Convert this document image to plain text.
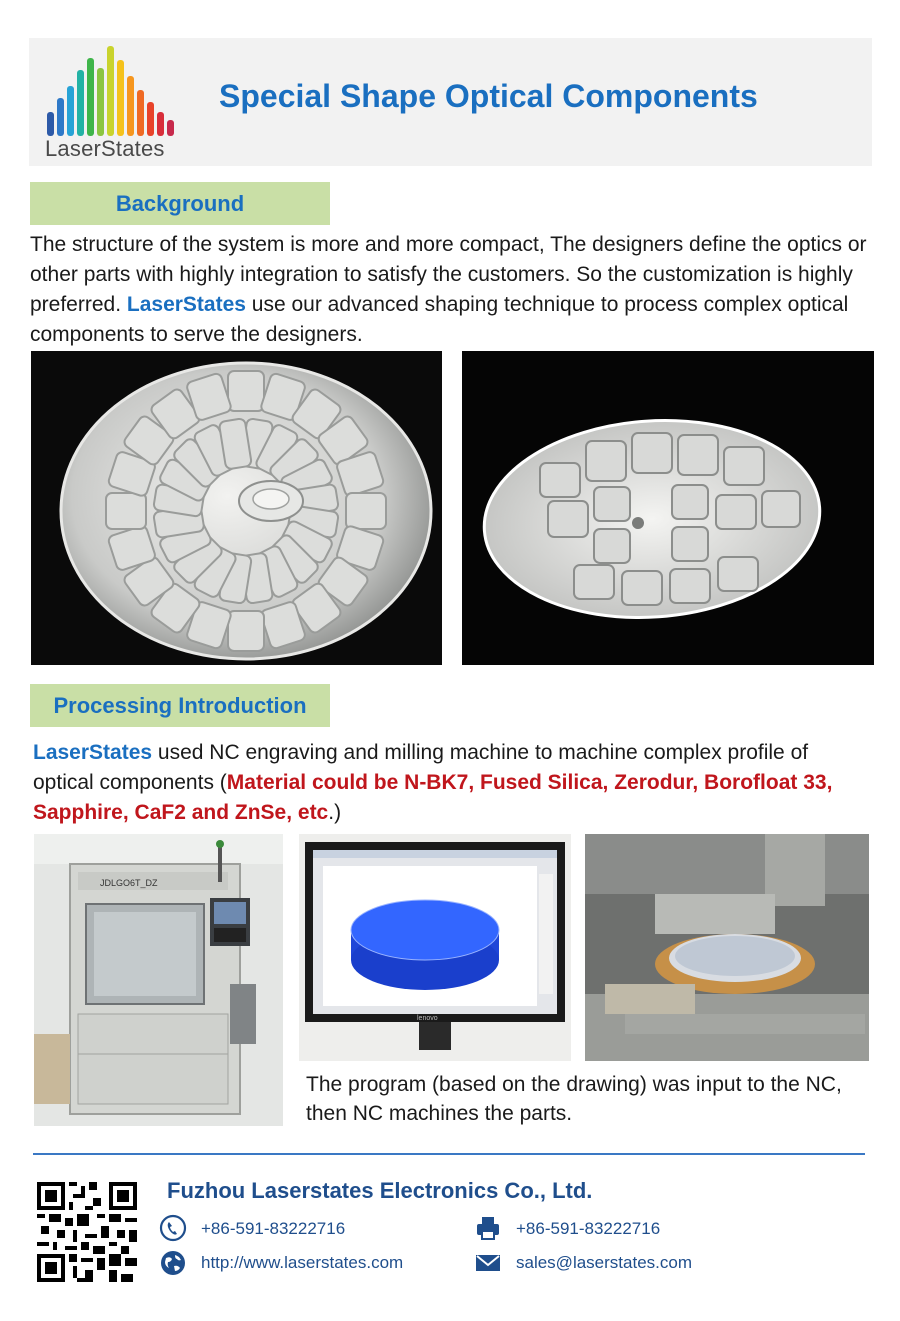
LaserStates
Special Shape Optical Components
Background
The structure of the system is more and more compact, The designers define the optics or other parts with highly integration to satisfy the customers. So the customization is highly preferred. LaserStates use our advanced shaping technique to process complex optical components to serve the designers.
Processing Introduction
LaserStates used NC engraving and milling machine to machine complex profile of optical components (Material could be N-BK7, Fused Silica, Zerodur, Borofloat 33, Sapphire, CaF2 and ZnSe, etc.)
JDLGO6T_DZ
lenovo
The program (based on the drawing) was input to the NC, then NC machines the parts.
Fuzhou Laserstates Electronics Co., Ltd.
+86-591-83222716	+86-591-83222716
http://www.laserstates.com	sales@laserstates.com
